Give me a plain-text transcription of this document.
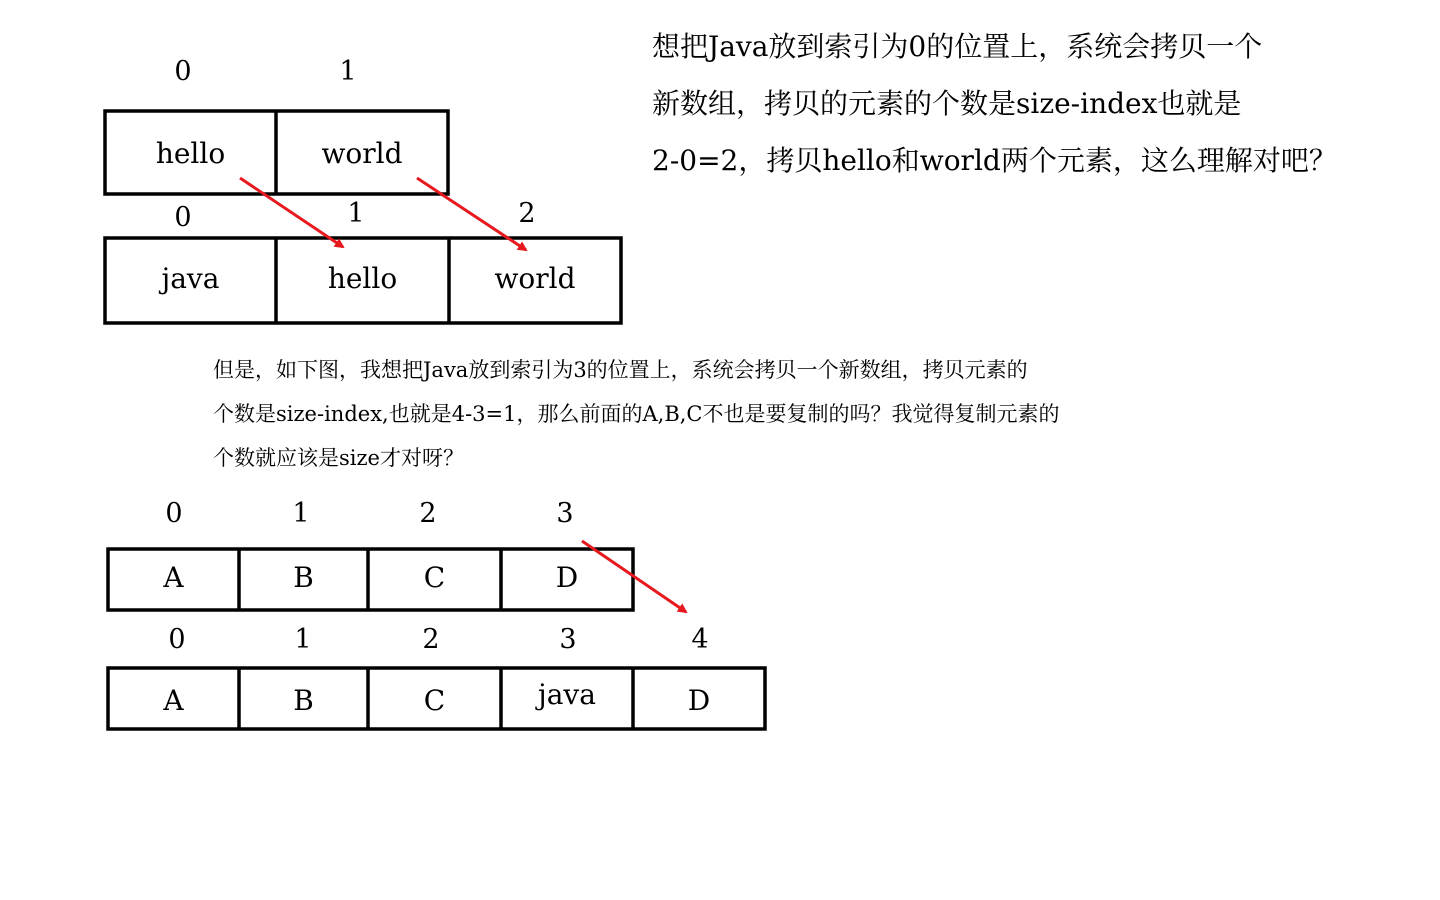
想把Java放到索引为0的位置上，系统会拷贝一个
新数组，拷贝的元素的个数是size-index也就是
2-0=2，拷贝hello和world两个元素，这么理解对吧？
但是，如下图，我想把Java放到索引为3的位置上，系统会拷贝一个新数组，拷贝元素的
个数是size-index,也就是4-3=1，那么前面的A,B,C不也是要复制的吗？我觉得复制元素的
个数就应该是size才对呀？
0	1
hello	world
0	1	2
java	hello	world
0	1	2	3
A	B	C	D
0	1	2	3	4
A	B	C	java	D
